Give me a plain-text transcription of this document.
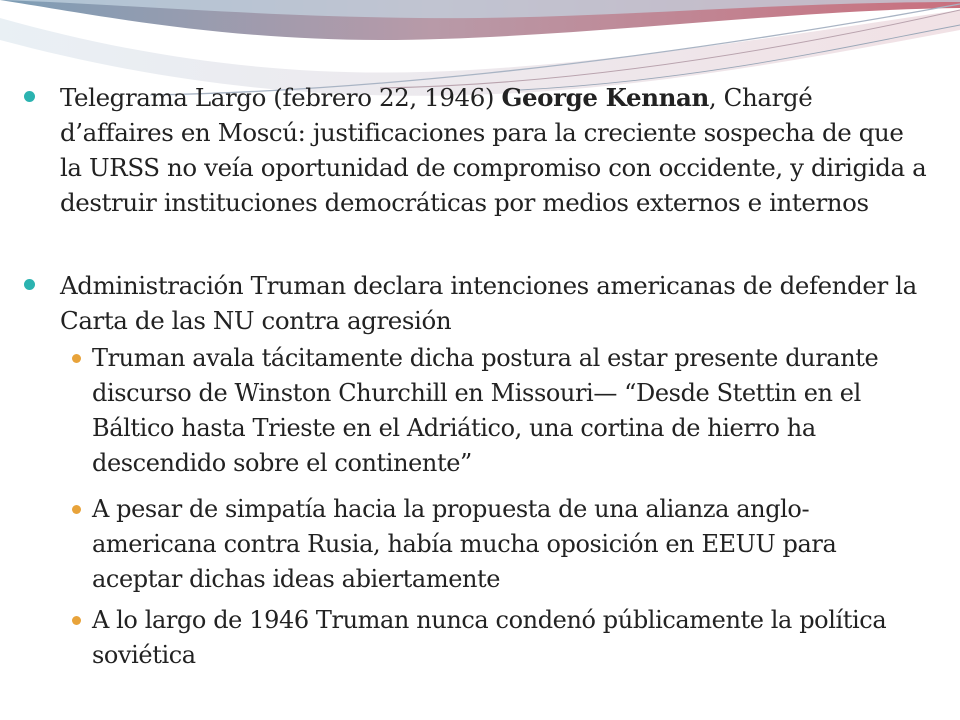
Telegrama Largo (febrero 22, 1946) George Kennan, Chargé d’affaires en Moscú: justificaciones para la creciente sospecha de que la URSS no veía oportunidad de compromiso con occidente, y dirigida a destruir instituciones democráticas por medios externos e internos
Administración Truman declara intenciones americanas de defender la Carta de las NU contra agresión
Truman avala tácitamente dicha postura al estar presente durante discurso de Winston Churchill en Missouri— “Desde Stettin en el Báltico hasta Trieste en el Adriático, una cortina de hierro ha descendido sobre el continente”
A pesar de simpatía hacia la propuesta de una alianza anglo-americana contra Rusia, había mucha oposición en EEUU para aceptar dichas ideas abiertamente
A lo largo de 1946 Truman nunca condenó públicamente la política soviética
